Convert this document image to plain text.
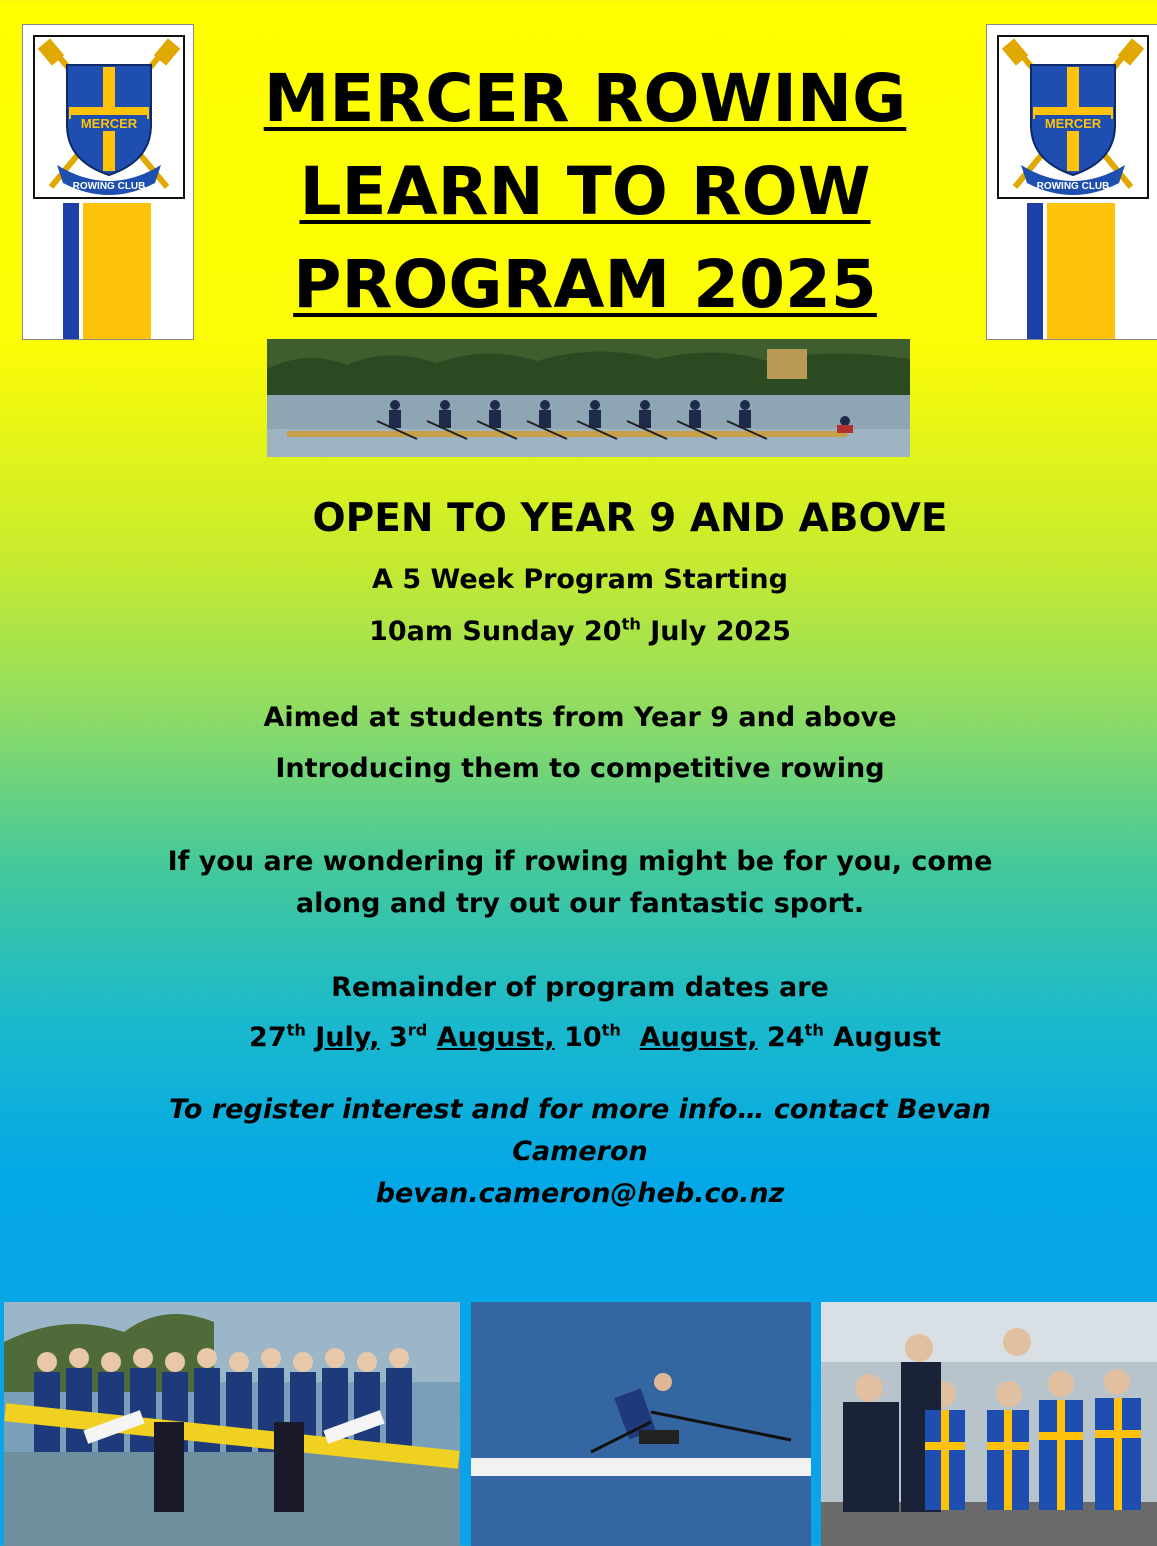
ROWING CLUB
MERCER
ROWING CLUB
MERCER
MERCER ROWING
LEARN TO ROW
PROGRAM 2025
OPEN TO YEAR 9 AND ABOVE
A 5 Week Program Starting
10am Sunday 20th July 2025
Aimed at students from Year 9 and above
Introducing them to competitive rowing
If you are wondering if rowing might be for you, come
along and try out our fantastic sport.
Remainder of program dates are
27th July, 3rd August, 10th August, 24th August
To register interest and for more info… contact Bevan
Cameron
bevan.cameron@heb.co.nz
